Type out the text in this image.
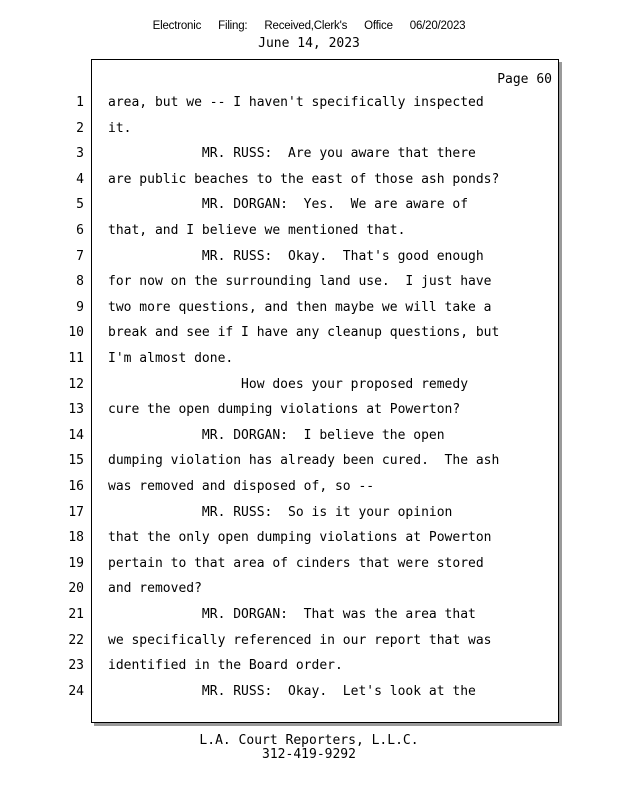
Electronic Filing: Received,Clerk's Office 06/20/2023
June 14, 2023
Page 60
1 area, but we -- I haven't specifically inspected
2 it.
3 MR. RUSS:  Are you aware that there
4 are public beaches to the east of those ash ponds?
5 MR. DORGAN:  Yes.  We are aware of
6 that, and I believe we mentioned that.
7 MR. RUSS:  Okay.  That's good enough
8 for now on the surrounding land use.  I just have
9 two more questions, and then maybe we will take a
10 break and see if I have any cleanup questions, but
11 I'm almost done.
12 How does your proposed remedy
13 cure the open dumping violations at Powerton?
14 MR. DORGAN:  I believe the open
15 dumping violation has already been cured.  The ash
16 was removed and disposed of, so --
17 MR. RUSS:  So is it your opinion
18 that the only open dumping violations at Powerton
19 pertain to that area of cinders that were stored
20 and removed?
21 MR. DORGAN:  That was the area that
22 we specifically referenced in our report that was
23 identified in the Board order.
24 MR. RUSS:  Okay.  Let's look at the
L.A. Court Reporters, L.L.C.
312-419-9292
